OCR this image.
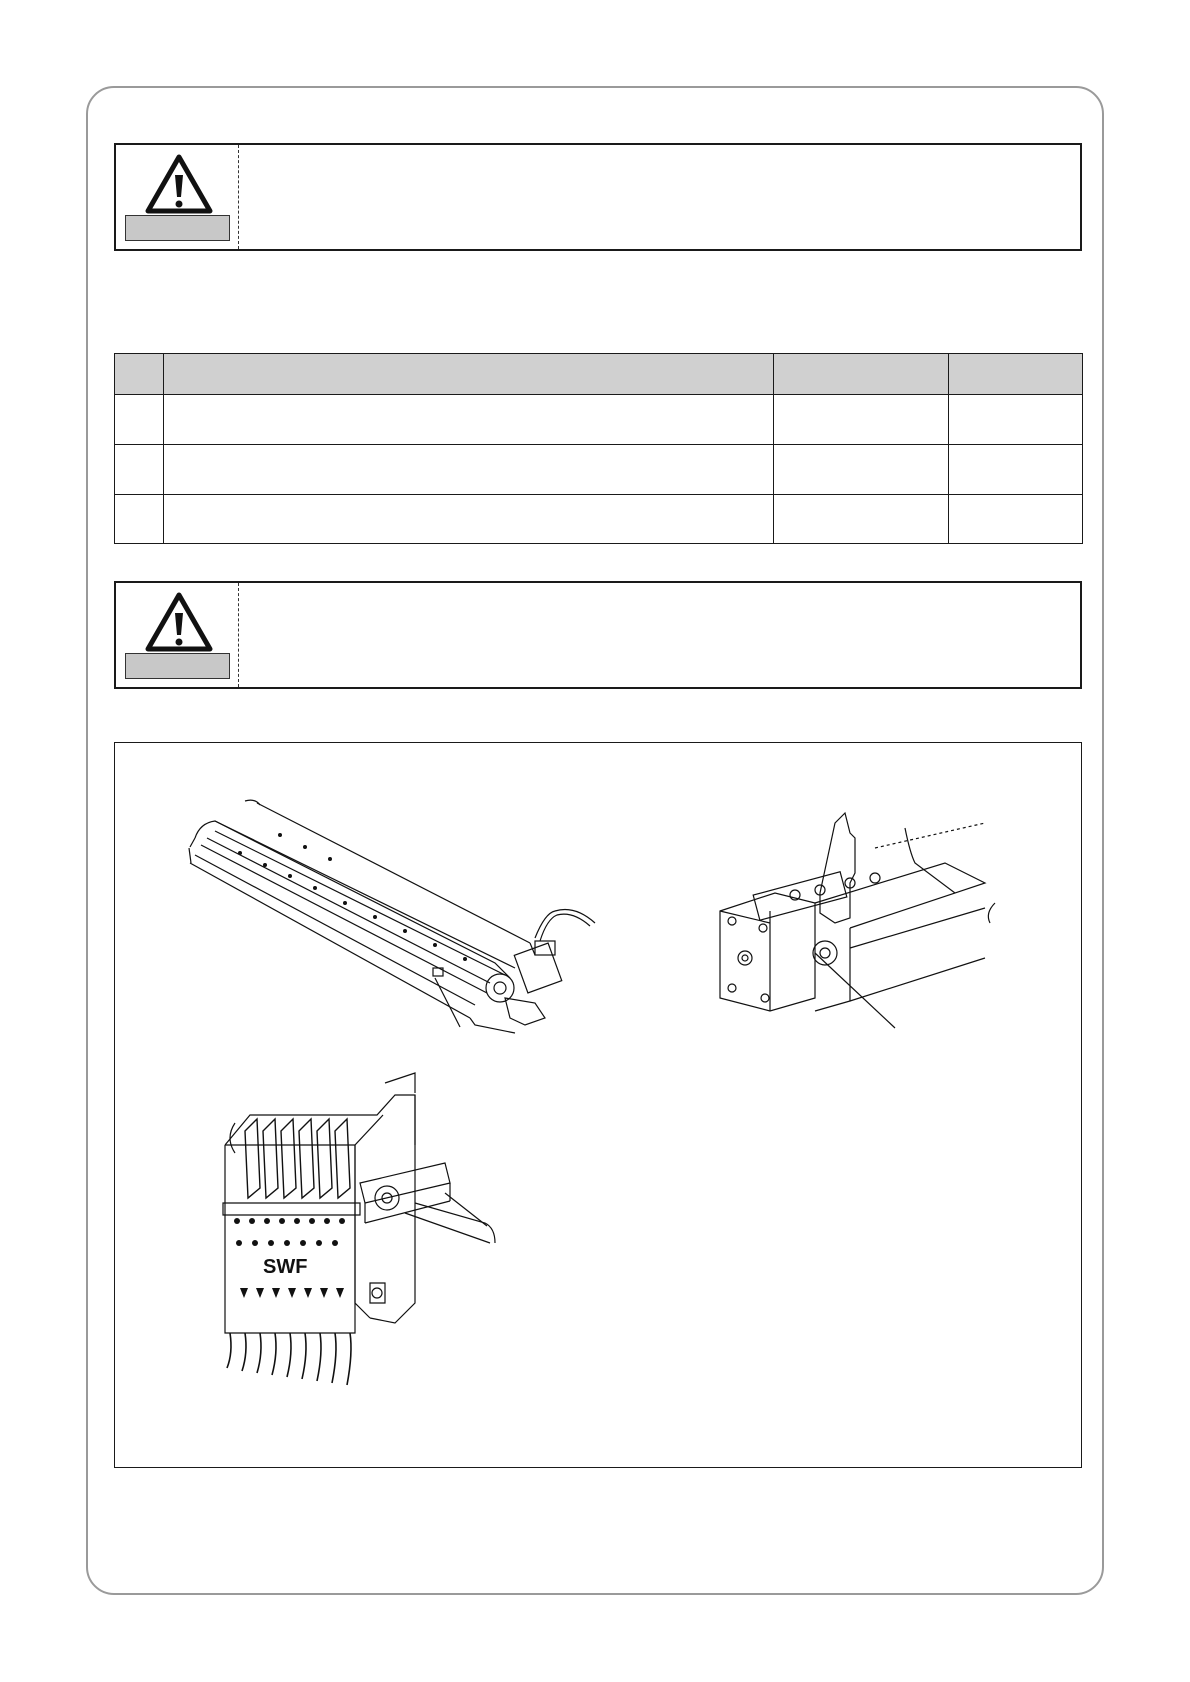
SWF
